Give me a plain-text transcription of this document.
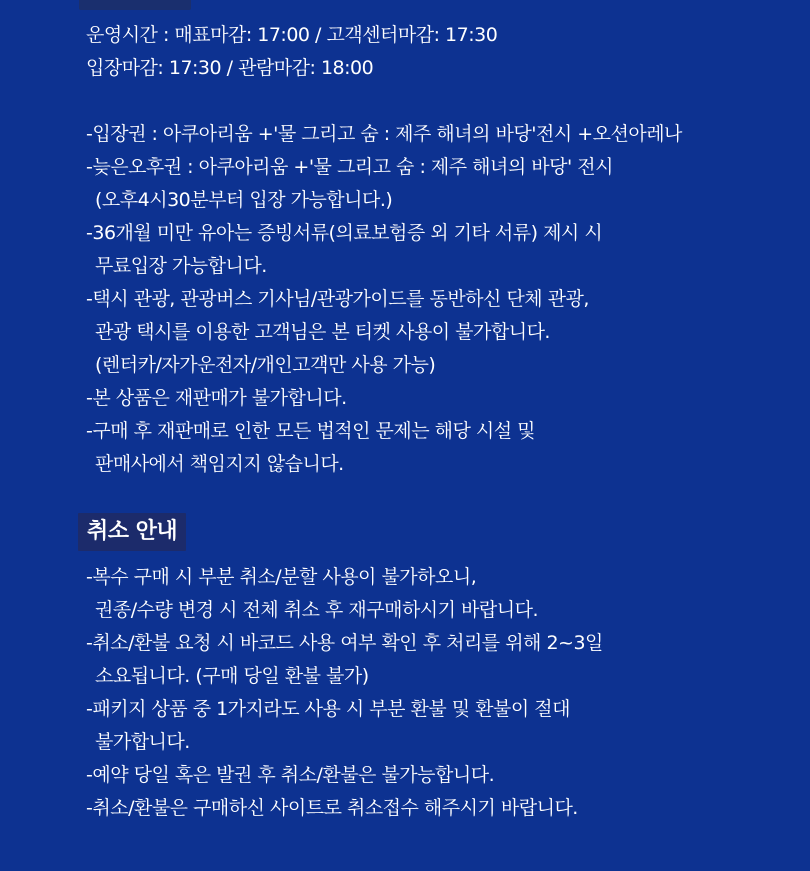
운영시간 : 매표마감: 17:00 / 고객센터마감: 17:30
입장마감: 17:30 / 관람마감: 18:00
-입장권 : 아쿠아리움 +'물 그리고 숨 : 제주 해녀의 바당'전시 +오션아레나
-늦은오후권 : 아쿠아리움 +'물 그리고 숨 : 제주 해녀의 바당' 전시
(오후4시30분부터 입장 가능합니다.)
-36개월 미만 유아는 증빙서류(의료보험증 외 기타 서류) 제시 시
무료입장 가능합니다.
-택시 관광, 관광버스 기사님/관광가이드를 동반하신 단체 관광,
관광 택시를 이용한 고객님은 본 티켓 사용이 불가합니다.
(렌터카/자가운전자/개인고객만 사용 가능)
-본 상품은 재판매가 불가합니다.
-구매 후 재판매로 인한 모든 법적인 문제는 해당 시설 및
판매사에서 책임지지 않습니다.
취소 안내
-복수 구매 시 부분 취소/분할 사용이 불가하오니,
권종/수량 변경 시 전체 취소 후 재구매하시기 바랍니다.
-취소/환불 요청 시 바코드 사용 여부 확인 후 처리를 위해 2~3일
소요됩니다. (구매 당일 환불 불가)
-패키지 상품 중 1가지라도 사용 시 부분 환불 및 환불이 절대
불가합니다.
-예약 당일 혹은 발권 후 취소/환불은 불가능합니다.
-취소/환불은 구매하신 사이트로 취소접수 해주시기 바랍니다.
